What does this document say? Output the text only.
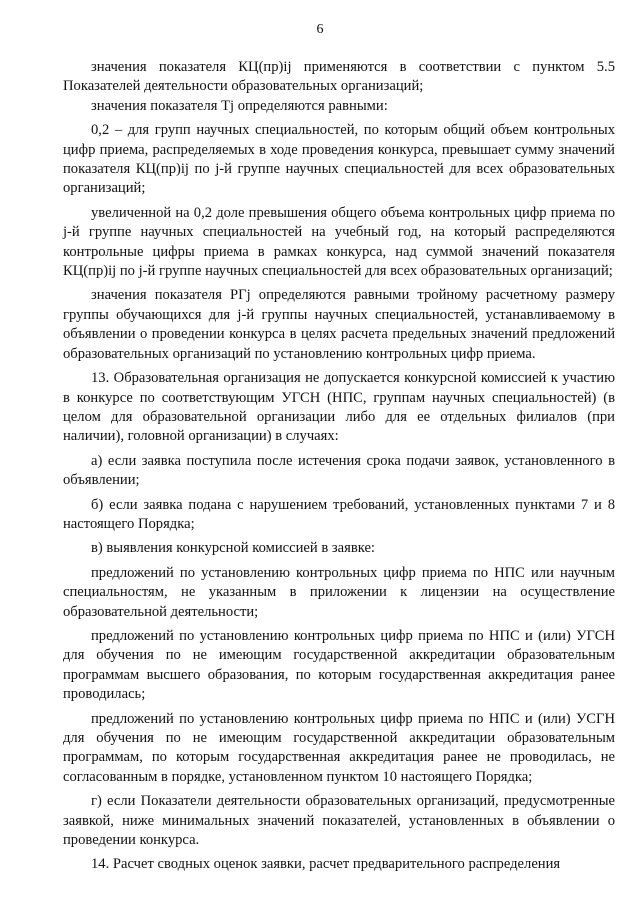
6

значения показателя КЦ(пр)ij применяются в соответствии с пунктом 5.5 Показателей деятельности образовательных организаций;

значения показателя Tj определяются равными:

0,2 – для групп научных специальностей, по которым общий объем контрольных цифр приема, распределяемых в ходе проведения конкурса, превышает сумму значений показателя КЦ(пр)ij по j-й группе научных специальностей для всех образовательных организаций;

увеличенной на 0,2 доле превышения общего объема контрольных цифр приема по j-й группе научных специальностей на учебный год, на который распределяются контрольные цифры приема в рамках конкурса, над суммой значений показателя КЦ(пр)ij по j-й группе научных специальностей для всех образовательных организаций;

значения показателя РГj определяются равными тройному расчетному размеру группы обучающихся для j-й группы научных специальностей, устанавливаемому в объявлении о проведении конкурса в целях расчета предельных значений предложений образовательных организаций по установлению контрольных цифр приема.

13. Образовательная организация не допускается конкурсной комиссией к участию в конкурсе по соответствующим УГСН (НПС, группам научных специальностей) (в целом для образовательной организации либо для ее отдельных филиалов (при наличии), головной организации) в случаях:

а) если заявка поступила после истечения срока подачи заявок, установленного в объявлении;

б) если заявка подана с нарушением требований, установленных пунктами 7 и 8 настоящего Порядка;

в) выявления конкурсной комиссией в заявке:

предложений по установлению контрольных цифр приема по НПС или научным специальностям, не указанным в приложении к лицензии на осуществление образовательной деятельности;

предложений по установлению контрольных цифр приема по НПС и (или) УГСН для обучения по не имеющим государственной аккредитации образовательным программам высшего образования, по которым государственная аккредитация ранее проводилась;

предложений по установлению контрольных цифр приема по НПС и (или) УСГН для обучения по не имеющим государственной аккредитации образовательным программам, по которым государственная аккредитация ранее не проводилась, не согласованным в порядке, установленном пунктом 10 настоящего Порядка;

г) если Показатели деятельности образовательных организаций, предусмотренные заявкой, ниже минимальных значений показателей, установленных в объявлении о проведении конкурса.

14. Расчет сводных оценок заявки, расчет предварительного распределения
